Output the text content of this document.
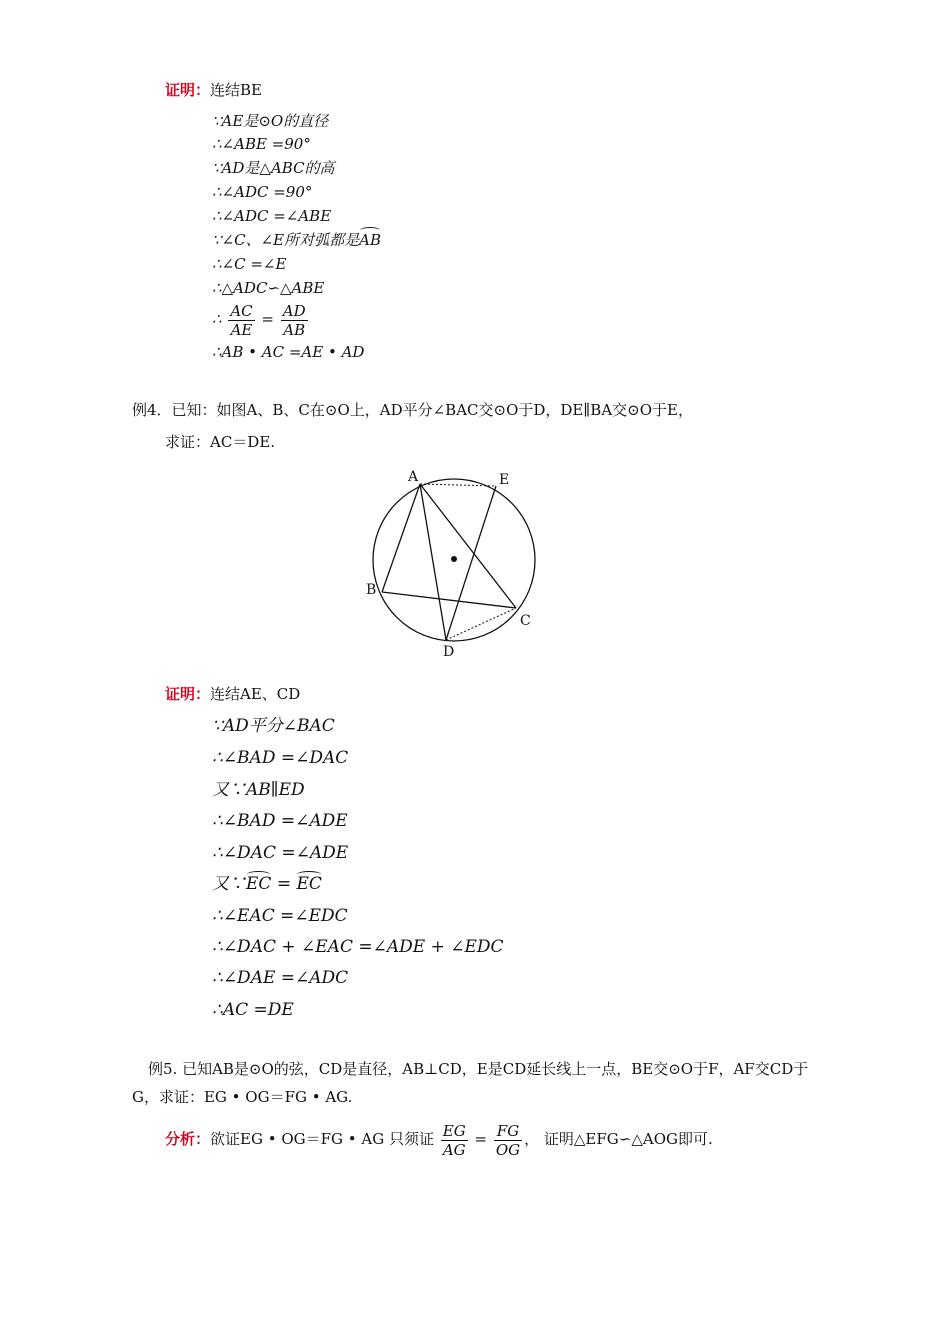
证明：连结BE
∵AE是⊙O的直径
∴∠ABE =90°
∵AD是△ABC的高
∴∠ADC =90°
∴∠ADC =∠ABE
∵∠C、∠E所对弧都是AB
∴∠C =∠E
∴△ADC∽△ABE
∴ $\frac{AC}{AE} = \frac{AD}{AB}$
∴AB • AC =AE • AD
例4．已知：如图A、B、C在⊙O上，AD平分∠BAC交⊙O于D，DE∥BA交⊙O于E，
求证：AC＝DE.
A	E
B
C
D
证明：连结AE、CD
∵AD平分∠BAC
∴∠BAD =∠DAC
又∵AB∥ED
∴∠BAD =∠ADE
∴∠DAC =∠ADE
又∵EC = EC
∴∠EAC =∠EDC
∴∠DAC + ∠EAC =∠ADE + ∠EDC
∴∠DAE =∠ADC
∴AC =DE
例5. 已知AB是⊙O的弦，CD是直径，AB⊥CD，E是CD延长线上一点，BE交⊙O于F，AF交CD于
G，求证：EG • OG＝FG • AG.
分析：欲证EG • OG＝FG • AG 只须证 $\frac{EG}{AG} = \frac{FG}{OG}$ ， 证明△EFG∽△AOG即可.
